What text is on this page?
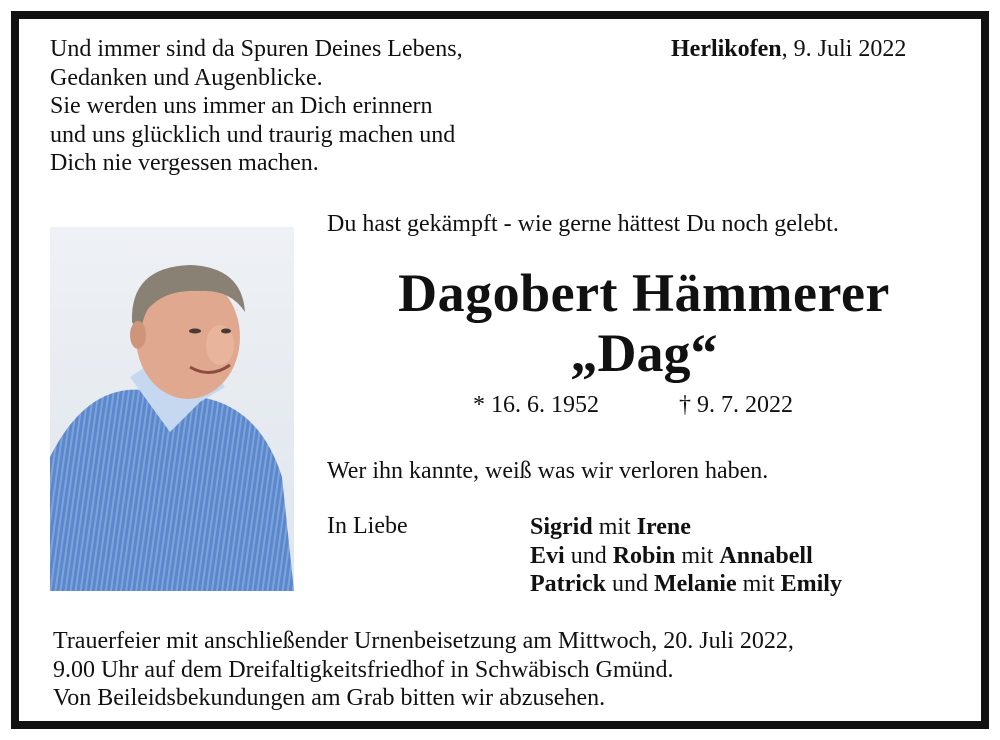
Und immer sind da Spuren Deines Lebens,
Gedanken und Augenblicke.
Sie werden uns immer an Dich erinnern
und uns glücklich und traurig machen und
Dich nie vergessen machen.
Herlikofen, 9. Juli 2022
Du hast gekämpft - wie gerne hättest Du noch gelebt.
Dagobert Hämmerer
„Dag“
* 16. 6. 1952	† 9. 7. 2022
Wer ihn kannte, weiß was wir verloren haben.
In Liebe	Sigrid mit Irene
Evi und Robin mit Annabell
Patrick und Melanie mit Emily
Trauerfeier mit anschließender Urnenbeisetzung am Mittwoch, 20. Juli 2022,
9.00 Uhr auf dem Dreifaltigkeitsfriedhof in Schwäbisch Gmünd.
Von Beileidsbekundungen am Grab bitten wir abzusehen.
